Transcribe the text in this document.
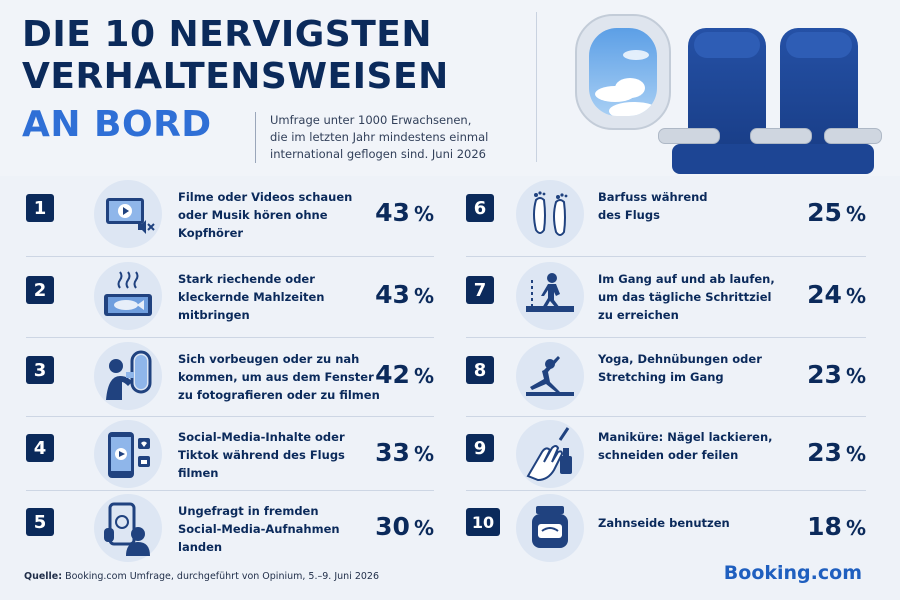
DIE 10 NERVIGSTEN
VERHALTENSWEISEN
AN BORD	Umfrage unter 1000 Erwachsenen,
die im letzten Jahr mindestens einmal
international geflogen sind. Juni 2026
1
Filme oder Videos schauen
oder Musik hören ohne
Kopfhörer
43 %
2
Stark riechende oder
kleckernde Mahlzeiten
mitbringen
43 %
3
Sich vorbeugen oder zu nah
kommen, um aus dem Fenster
zu fotografieren oder zu filmen
42 %
4
Social-Media-Inhalte oder
Tiktok während des Flugs
filmen
33 %
5
Ungefragt in fremden
Social-Media-Aufnahmen
landen
30 %
6
Barfuss während
des Flugs	25 %
7
Im Gang auf und ab laufen,
um das tägliche Schrittziel
zu erreichen
24 %
8
Yoga, Dehnübungen oder
Stretching im Gang	23 %
9
Maniküre: Nägel lackieren,
schneiden oder feilen	23 %
10	Zahnseide benutzen	18 %
Quelle: Booking.com Umfrage, durchgeführt von Opinium, 5.–9. Juni 2026	Booking.com
